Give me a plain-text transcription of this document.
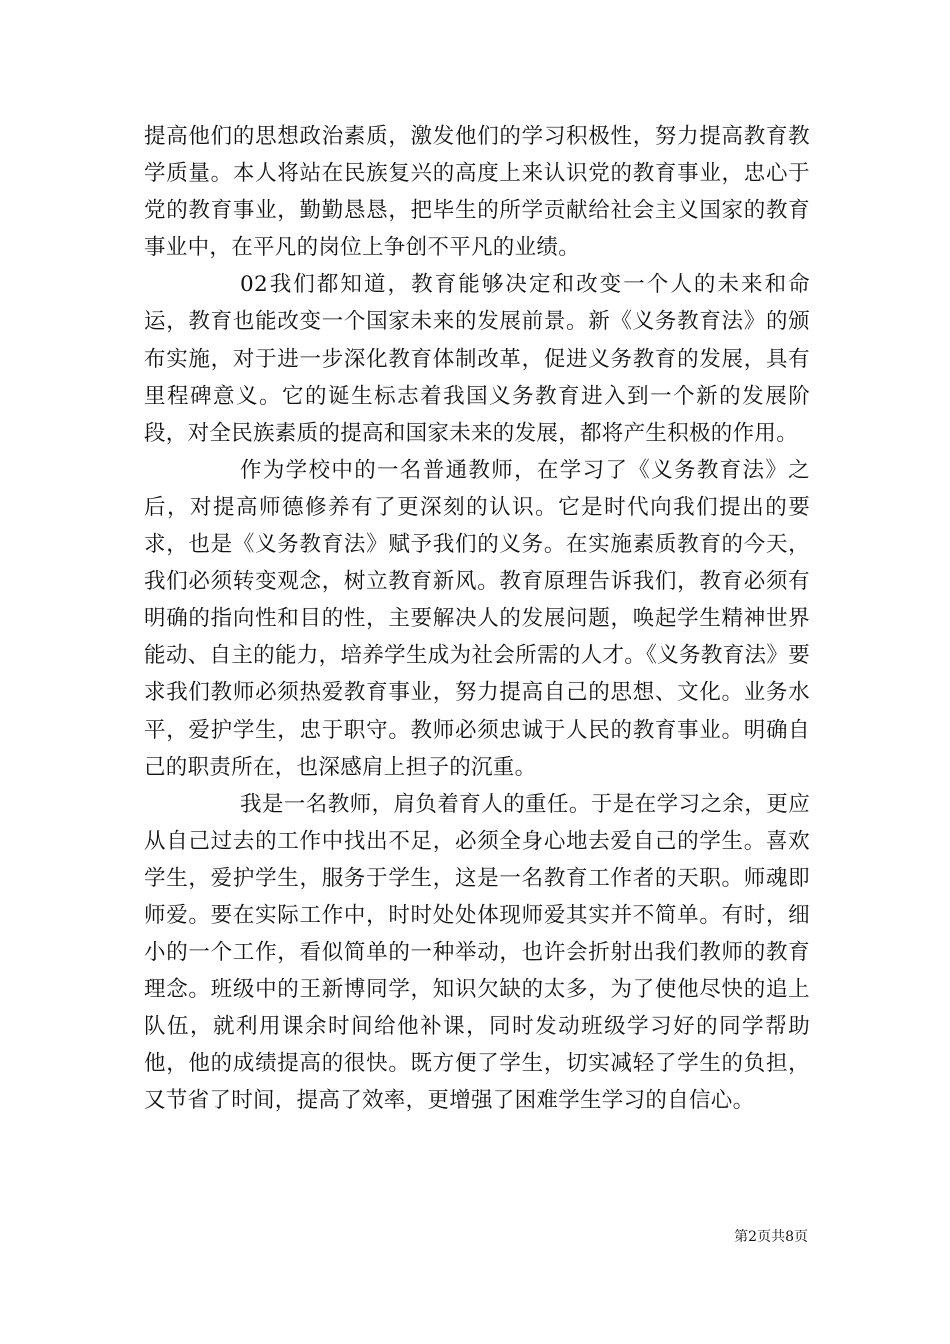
提高他们的思想政治素质，激发他们的学习积极性，努力提高教育教学质量。本人将站在民族复兴的高度上来认识党的教育事业，忠心于党的教育事业，勤勤恳恳，把毕生的所学贡献给社会主义国家的教育事业中，在平凡的岗位上争创不平凡的业绩。

02我们都知道，教育能够决定和改变一个人的未来和命运，教育也能改变一个国家未来的发展前景。新《义务教育法》的颁布实施，对于进一步深化教育体制改革，促进义务教育的发展，具有里程碑意义。它的诞生标志着我国义务教育进入到一个新的发展阶段，对全民族素质的提高和国家未来的发展，都将产生积极的作用。

作为学校中的一名普通教师，在学习了《义务教育法》之后，对提高师德修养有了更深刻的认识。它是时代向我们提出的要求，也是《义务教育法》赋予我们的义务。在实施素质教育的今天，我们必须转变观念，树立教育新风。教育原理告诉我们，教育必须有明确的指向性和目的性，主要解决人的发展问题，唤起学生精神世界能动、自主的能力，培养学生成为社会所需的人才。《义务教育法》要求我们教师必须热爱教育事业，努力提高自己的思想、文化。业务水平，爱护学生，忠于职守。教师必须忠诚于人民的教育事业。明确自己的职责所在，也深感肩上担子的沉重。

我是一名教师，肩负着育人的重任。于是在学习之余，更应从自己过去的工作中找出不足，必须全身心地去爱自己的学生。喜欢学生，爱护学生，服务于学生，这是一名教育工作者的天职。师魂即师爱。要在实际工作中，时时处处体现师爱其实并不简单。有时，细小的一个工作，看似简单的一种举动，也许会折射出我们教师的教育理念。班级中的王新博同学，知识欠缺的太多，为了使他尽快的追上队伍，就利用课余时间给他补课，同时发动班级学习好的同学帮助他，他的成绩提高的很快。既方便了学生，切实减轻了学生的负担，又节省了时间，提高了效率，更增强了困难学生学习的自信心。

第2页共8页
